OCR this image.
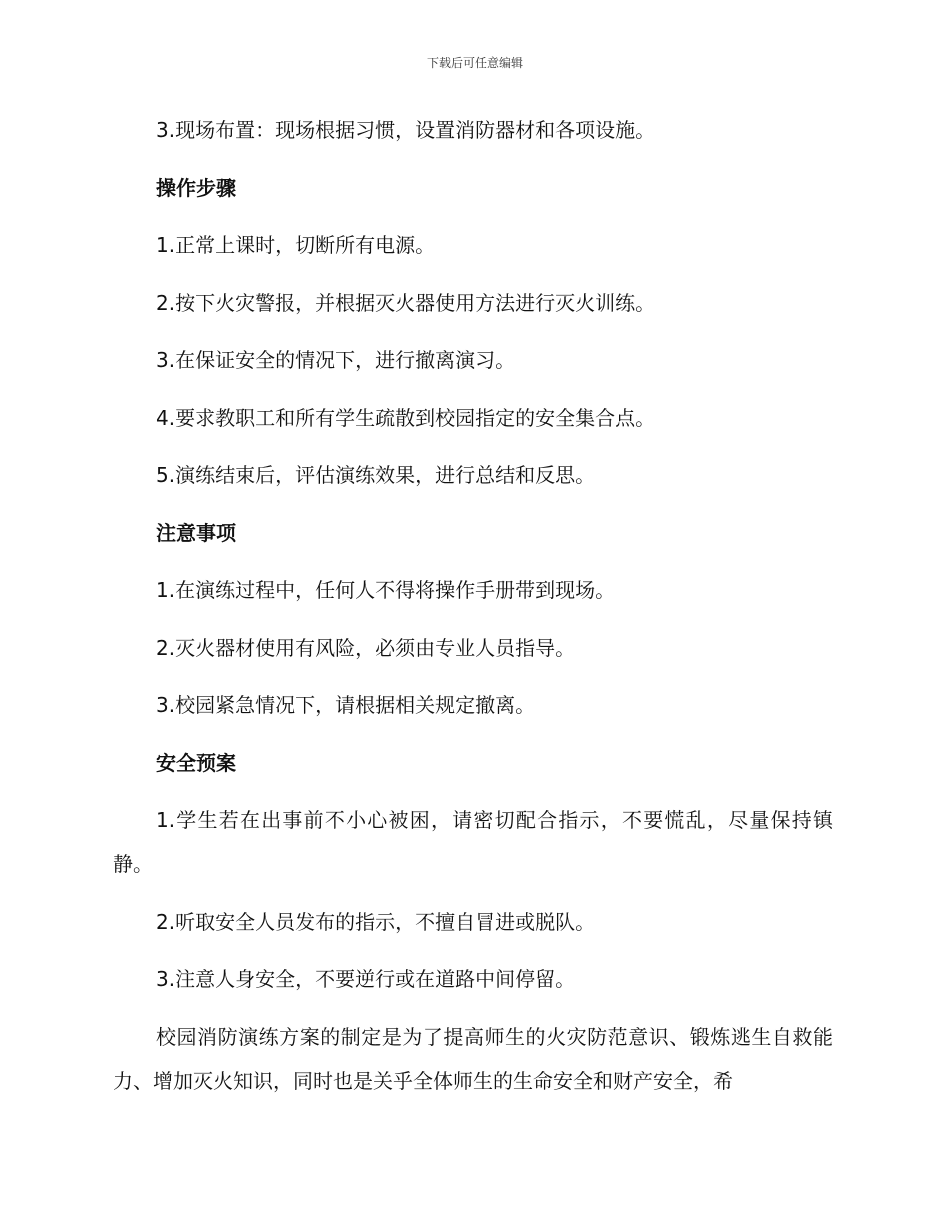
下载后可任意编辑
3.现场布置：现场根据习惯，设置消防器材和各项设施。
操作步骤
1.正常上课时，切断所有电源。
2.按下火灾警报，并根据灭火器使用方法进行灭火训练。
3.在保证安全的情况下，进行撤离演习。
4.要求教职工和所有学生疏散到校园指定的安全集合点。
5.演练结束后，评估演练效果，进行总结和反思。
注意事项
1.在演练过程中，任何人不得将操作手册带到现场。
2.灭火器材使用有风险，必须由专业人员指导。
3.校园紧急情况下，请根据相关规定撤离。
安全预案
1.学生若在出事前不小心被困，请密切配合指示，不要慌乱，尽量保持镇静。
2.听取安全人员发布的指示，不擅自冒进或脱队。
3.注意人身安全，不要逆行或在道路中间停留。
校园消防演练方案的制定是为了提高师生的火灾防范意识、锻炼逃生自救能力、增加灭火知识，同时也是关乎全体师生的生命安全和财产安全，希
